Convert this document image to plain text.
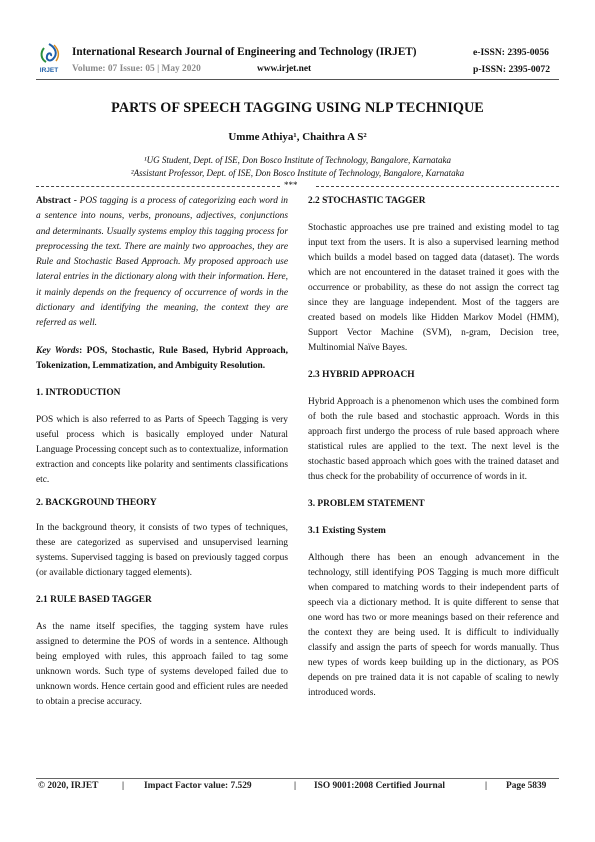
IRJET
International Research Journal of Engineering and Technology (IRJET)	e-ISSN: 2395-0056
Volume: 07 Issue: 05 | May 2020	www.irjet.net	p-ISSN: 2395-0072
PARTS OF SPEECH TAGGING USING NLP TECHNIQUE
Umme Athiya¹, Chaithra A S²
¹UG Student, Dept. of ISE, Don Bosco Institute of Technology, Bangalore, Karnataka
²Assistant Professor, Dept. of ISE, Don Bosco Institute of Technology, Bangalore, Karnataka
***

Abstract - POS tagging is a process of categorizing each word in a sentence into nouns, verbs, pronouns, adjectives, conjunctions and determinants. Usually systems employ this tagging process for preprocessing the text. There are mainly two approaches, they are Rule and Stochastic Based Approach. My proposed approach use lateral entries in the dictionary along with their information. Here, it mainly depends on the frequency of occurrence of words in the dictionary and identifying the meaning, the context they are referred as well.

Key Words: POS, Stochastic, Rule Based, Hybrid Approach, Tokenization, Lemmatization, and Ambiguity Resolution.

1. INTRODUCTION

POS which is also referred to as Parts of Speech Tagging is very useful process which is basically employed under Natural Language Processing concept such as to contextualize, information extraction and concepts like polarity and sentiments classifications etc.

2. BACKGROUND THEORY

In the background theory, it consists of two types of techniques, these are categorized as supervised and unsupervised learning systems. Supervised tagging is based on previously tagged corpus (or available dictionary tagged elements).

2.1 RULE BASED TAGGER

As the name itself specifies, the tagging system have rules assigned to determine the POS of words in a sentence. Although being employed with rules, this approach failed to tag some unknown words. Such type of systems developed failed due to unknown words. Hence certain good and efficient rules are needed to obtain a precise accuracy.

2.2 STOCHASTIC TAGGER

Stochastic approaches use pre trained and existing model to tag input text from the users. It is also a supervised learning method which builds a model based on tagged data (dataset). The words which are not encountered in the dataset trained it goes with the occurrence or probability, as these do not assign the correct tag since they are language independent. Most of the taggers are created based on models like Hidden Markov Model (HMM), Support Vector Machine (SVM), n-gram, Decision tree, Multinomial Naïve Bayes.

2.3 HYBRID APPROACH

Hybrid Approach is a phenomenon which uses the combined form of both the rule based and stochastic approach. Words in this approach first undergo the process of rule based approach where statistical rules are applied to the text. The next level is the stochastic based approach which goes with the trained dataset and thus check for the probability of occurrence of words in it.

3. PROBLEM STATEMENT

3.1 Existing System

Although there has been an enough advancement in the technology, still identifying POS Tagging is much more difficult when compared to matching words to their independent parts of speech via a dictionary method. It is quite different to sense that one word has two or more meanings based on their reference and the context they are being used. It is difficult to individually classify and assign the parts of speech for words manually. Thus new types of words keep building up in the dictionary, as POS depends on pre trained data it is not capable of scaling to newly introduced words.

© 2020, IRJET	| Impact Factor value: 7.529	| ISO 9001:2008 Certified Journal	| Page 5839
